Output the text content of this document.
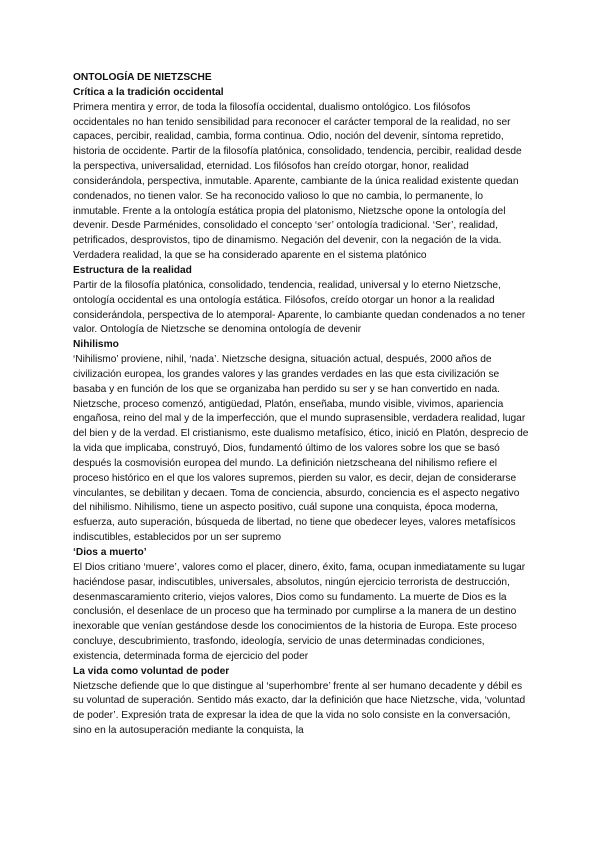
ONTOLOGÍA DE NIETZSCHE
Crítica a la tradición occidental

Primera mentira y error, de toda la filosofía occidental, dualismo ontológico. Los filósofos occidentales no han tenido sensibilidad para reconocer el carácter temporal de la realidad, no ser capaces, percibir, realidad, cambia, forma continua. Odio, noción del devenir, síntoma repretido, historia de occidente. Partir de la filosofía platónica, consolidado, tendencia, percibir, realidad desde la perspectiva, universalidad, eternidad. Los filósofos han creído otorgar, honor, realidad considerándola, perspectiva, inmutable. Aparente, cambiante de la única realidad existente quedan condenados, no tienen valor. Se ha reconocido valioso lo que no cambia, lo permanente, lo inmutable. Frente a la ontología estática propia del platonismo, Nietzsche opone la ontología del devenir. Desde Parménides, consolidado el concepto ‘ser’ ontología tradicional. ‘Ser’, realidad, petrificados, desprovistos, tipo de dinamismo. Negación del devenir, con la negación de la vida. Verdadera realidad, la que se ha considerado aparente en el sistema platónico

Estructura de la realidad

Partir de la filosofía platónica, consolidado, tendencia, realidad, universal y lo eterno Nietzsche, ontología occidental es una ontología estática. Filósofos, creído otorgar un honor a la realidad considerándola, perspectiva de lo atemporal- Aparente, lo cambiante quedan condenados a no tener valor. Ontología de Nietzsche se denomina ontología de devenir

Nihilismo

‘Nihilismo’ proviene, nihil, ‘nada’. Nietzsche designa, situación actual, después, 2000 años de civilización europea, los grandes valores y las grandes verdades en las que esta civilización se basaba y en función de los que se organizaba han perdido su ser y se han convertido en nada. Nietzsche, proceso comenzó, antigüedad, Platón, enseñaba, mundo visible, vivimos, apariencia engañosa, reino del mal y de la imperfección, que el mundo suprasensible, verdadera realidad, lugar del bien y de la verdad. El cristianismo, este dualismo metafísico, ético, inició en Platón, desprecio de la vida que implicaba, construyó, Dios, fundamentó último de los valores sobre los que se basó después la cosmovisión europea del mundo. La definición nietzscheana del nihilismo refiere el proceso histórico en el que los valores supremos, pierden su valor, es decir, dejan de considerarse vinculantes, se debilitan y decaen. Toma de conciencia, absurdo, conciencia es el aspecto negativo del nihilismo. Nihilismo, tiene un aspecto positivo, cuál supone una conquista, época moderna, esfuerza, auto superación, búsqueda de libertad, no tiene que obedecer leyes, valores metafísicos indiscutibles, establecidos por un ser supremo

‘Dios a muerto’

El Dios critiano ‘muere’, valores como el placer, dinero, éxito, fama, ocupan inmediatamente su lugar haciéndose pasar, indiscutibles, universales, absolutos, ningún ejercicio terrorista de destrucción, desenmascaramiento criterio, viejos valores, Dios como su fundamento. La muerte de Dios es la conclusión, el desenlace de un proceso que ha terminado por cumplirse a la manera de un destino inexorable que venían gestándose desde los conocimientos de la historia de Europa. Este proceso concluye, descubrimiento, trasfondo, ideología, servicio de unas determinadas condiciones, existencia, determinada forma de ejercicio del poder

La vida como voluntad de poder

Nietzsche defiende que lo que distingue al ‘superhombre’ frente al ser humano decadente y débil es su voluntad de superación. Sentido más exacto, dar la definición que hace Nietzsche, vida, ‘voluntad de poder’. Expresión trata de expresar la idea de que la vida no solo consiste en la conversación, sino en la autosuperación mediante la conquista, la
